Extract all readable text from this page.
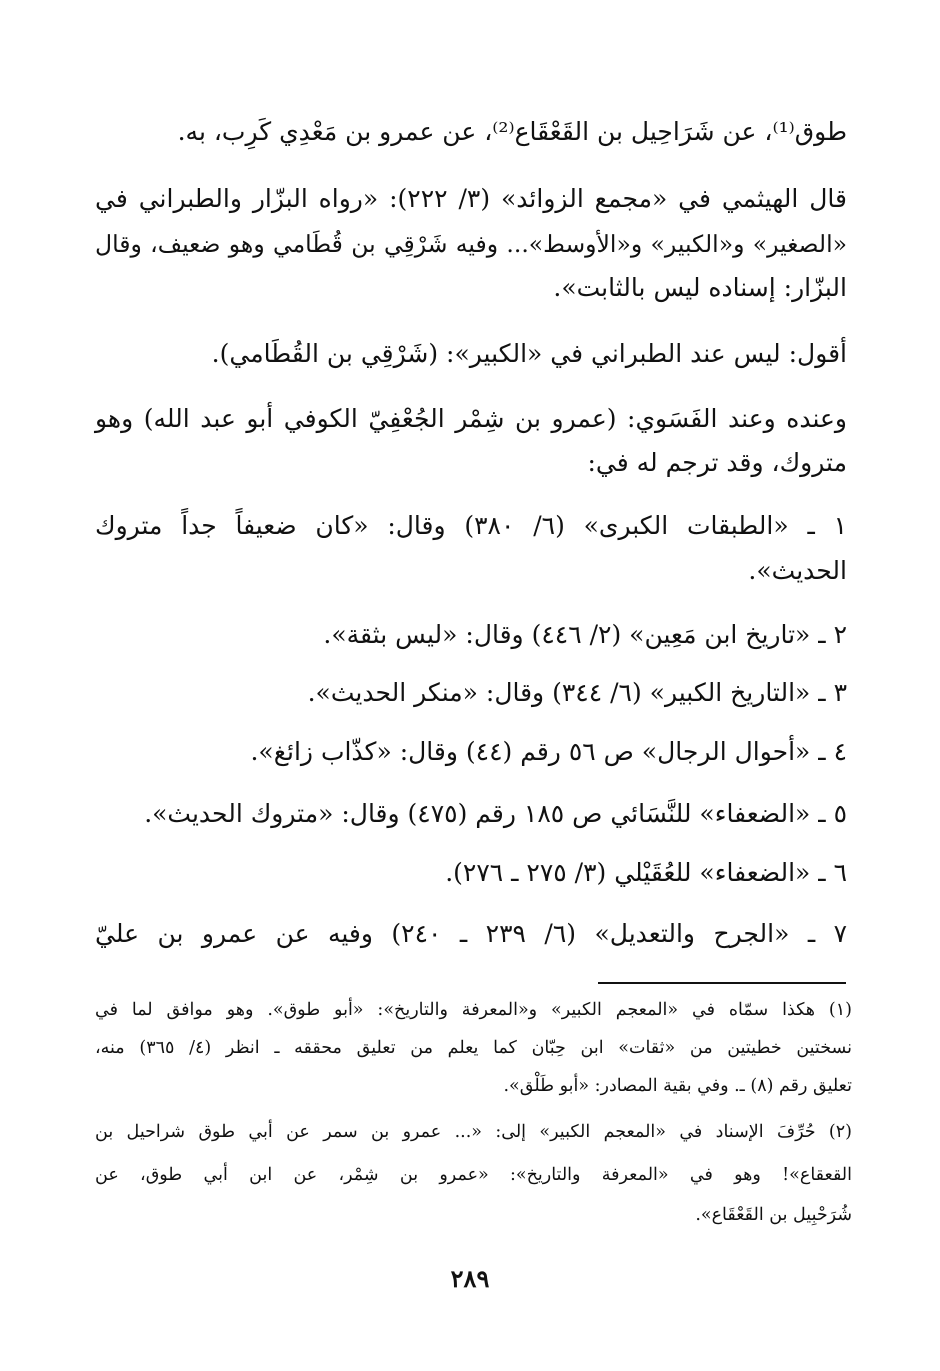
طوق⁽¹⁾، عن شَرَاحِيل بن القَعْقَاع⁽²⁾، عن عمرو بن مَعْدِي كَرِب، به.
قال الهيثمي في «مجمع الزوائد» (٣/ ٢٢٢): «رواه البزّار والطبراني في
«الصغير» و«الكبير» و«الأوسط»... وفيه شَرْقِي بن قُطَامي وهو ضعيف، وقال
البزّار: إسناده ليس بالثابت».
أقول: ليس عند الطبراني في «الكبير»: (شَرْقِي بن القُطَامي).
وعنده وعند الفَسَوي: (عمرو بن شِمْر الجُعْفِيّ الكوفي أبو عبد الله) وهو
متروك، وقد ترجم له في:
١ ـ «الطبقات الكبرى» (٦/ ٣٨٠) وقال: «كان ضعيفاً جداً متروك
الحديث».
٢ ـ «تاريخ ابن مَعِين» (٢/ ٤٤٦) وقال: «ليس بثقة».
٣ ـ «التاريخ الكبير» (٦/ ٣٤٤) وقال: «منكر الحديث».
٤ ـ «أحوال الرجال» ص ٥٦ رقم (٤٤) وقال: «كذّاب زائغ».
٥ ـ «الضعفاء» للنَّسَائي ص ١٨٥ رقم (٤٧٥) وقال: «متروك الحديث».
٦ ـ «الضعفاء» للعُقَيْلي (٣/ ٢٧٥ ـ ٢٧٦).
٧ ـ «الجرح والتعديل» (٦/ ٢٣٩ ـ ٢٤٠) وفيه عن عمرو بن عليّ
(١) هكذا سمّاه في «المعجم الكبير» و«المعرفة والتاريخ»: «أبو طوق». وهو موافق لما في
نسختين خطيتين من «ثقات» ابن حِبّان كما يعلم من تعليق محققه ـ انظر (٤/ ٣٦٥) منه،
تعليق رقم (٨) ـ. وفي بقية المصادر: «أبو طَلْق».
(٢) حُرِّفَ الإسناد في «المعجم الكبير» إلى: «... عمرو بن سمر عن أبي طوق شراحيل بن
القعقاع»! وهو في «المعرفة والتاريخ»: «عمرو بن شِمْر، عن ابن أبي طوق، عن
شُرَحْبِيل بن القَعْقَاع».
٢٨٩
